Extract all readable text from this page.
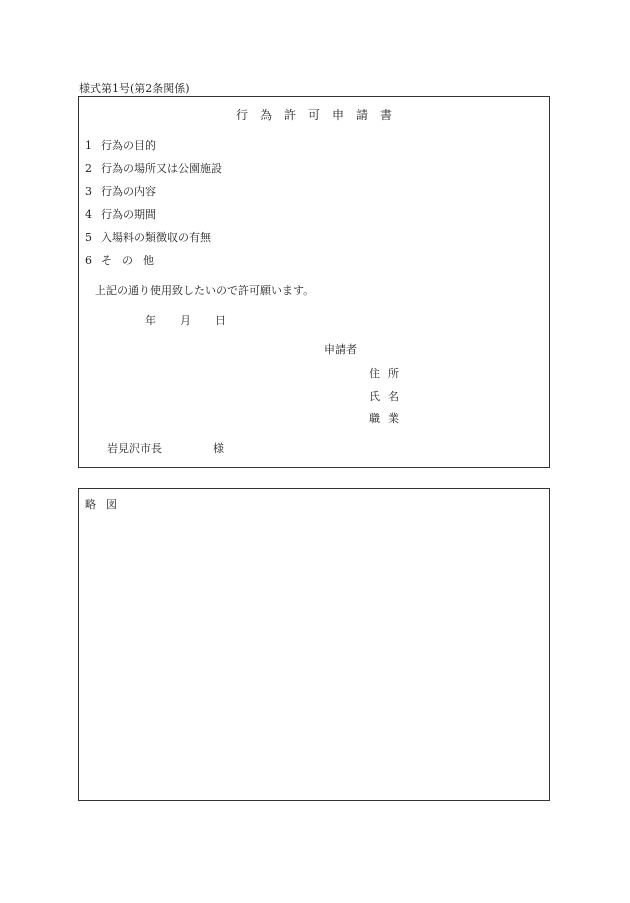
様式第1号(第2条関係)
行為許可申請書
1 行為の目的
2 行為の場所又は公園施設
3 行為の内容
4 行為の期間
5 入場料の類徴収の有無
6 その他
上記の通り使用致したいので許可願います。
年 月 日
申請者
住所
氏名
職業
岩見沢市長	様
略図
